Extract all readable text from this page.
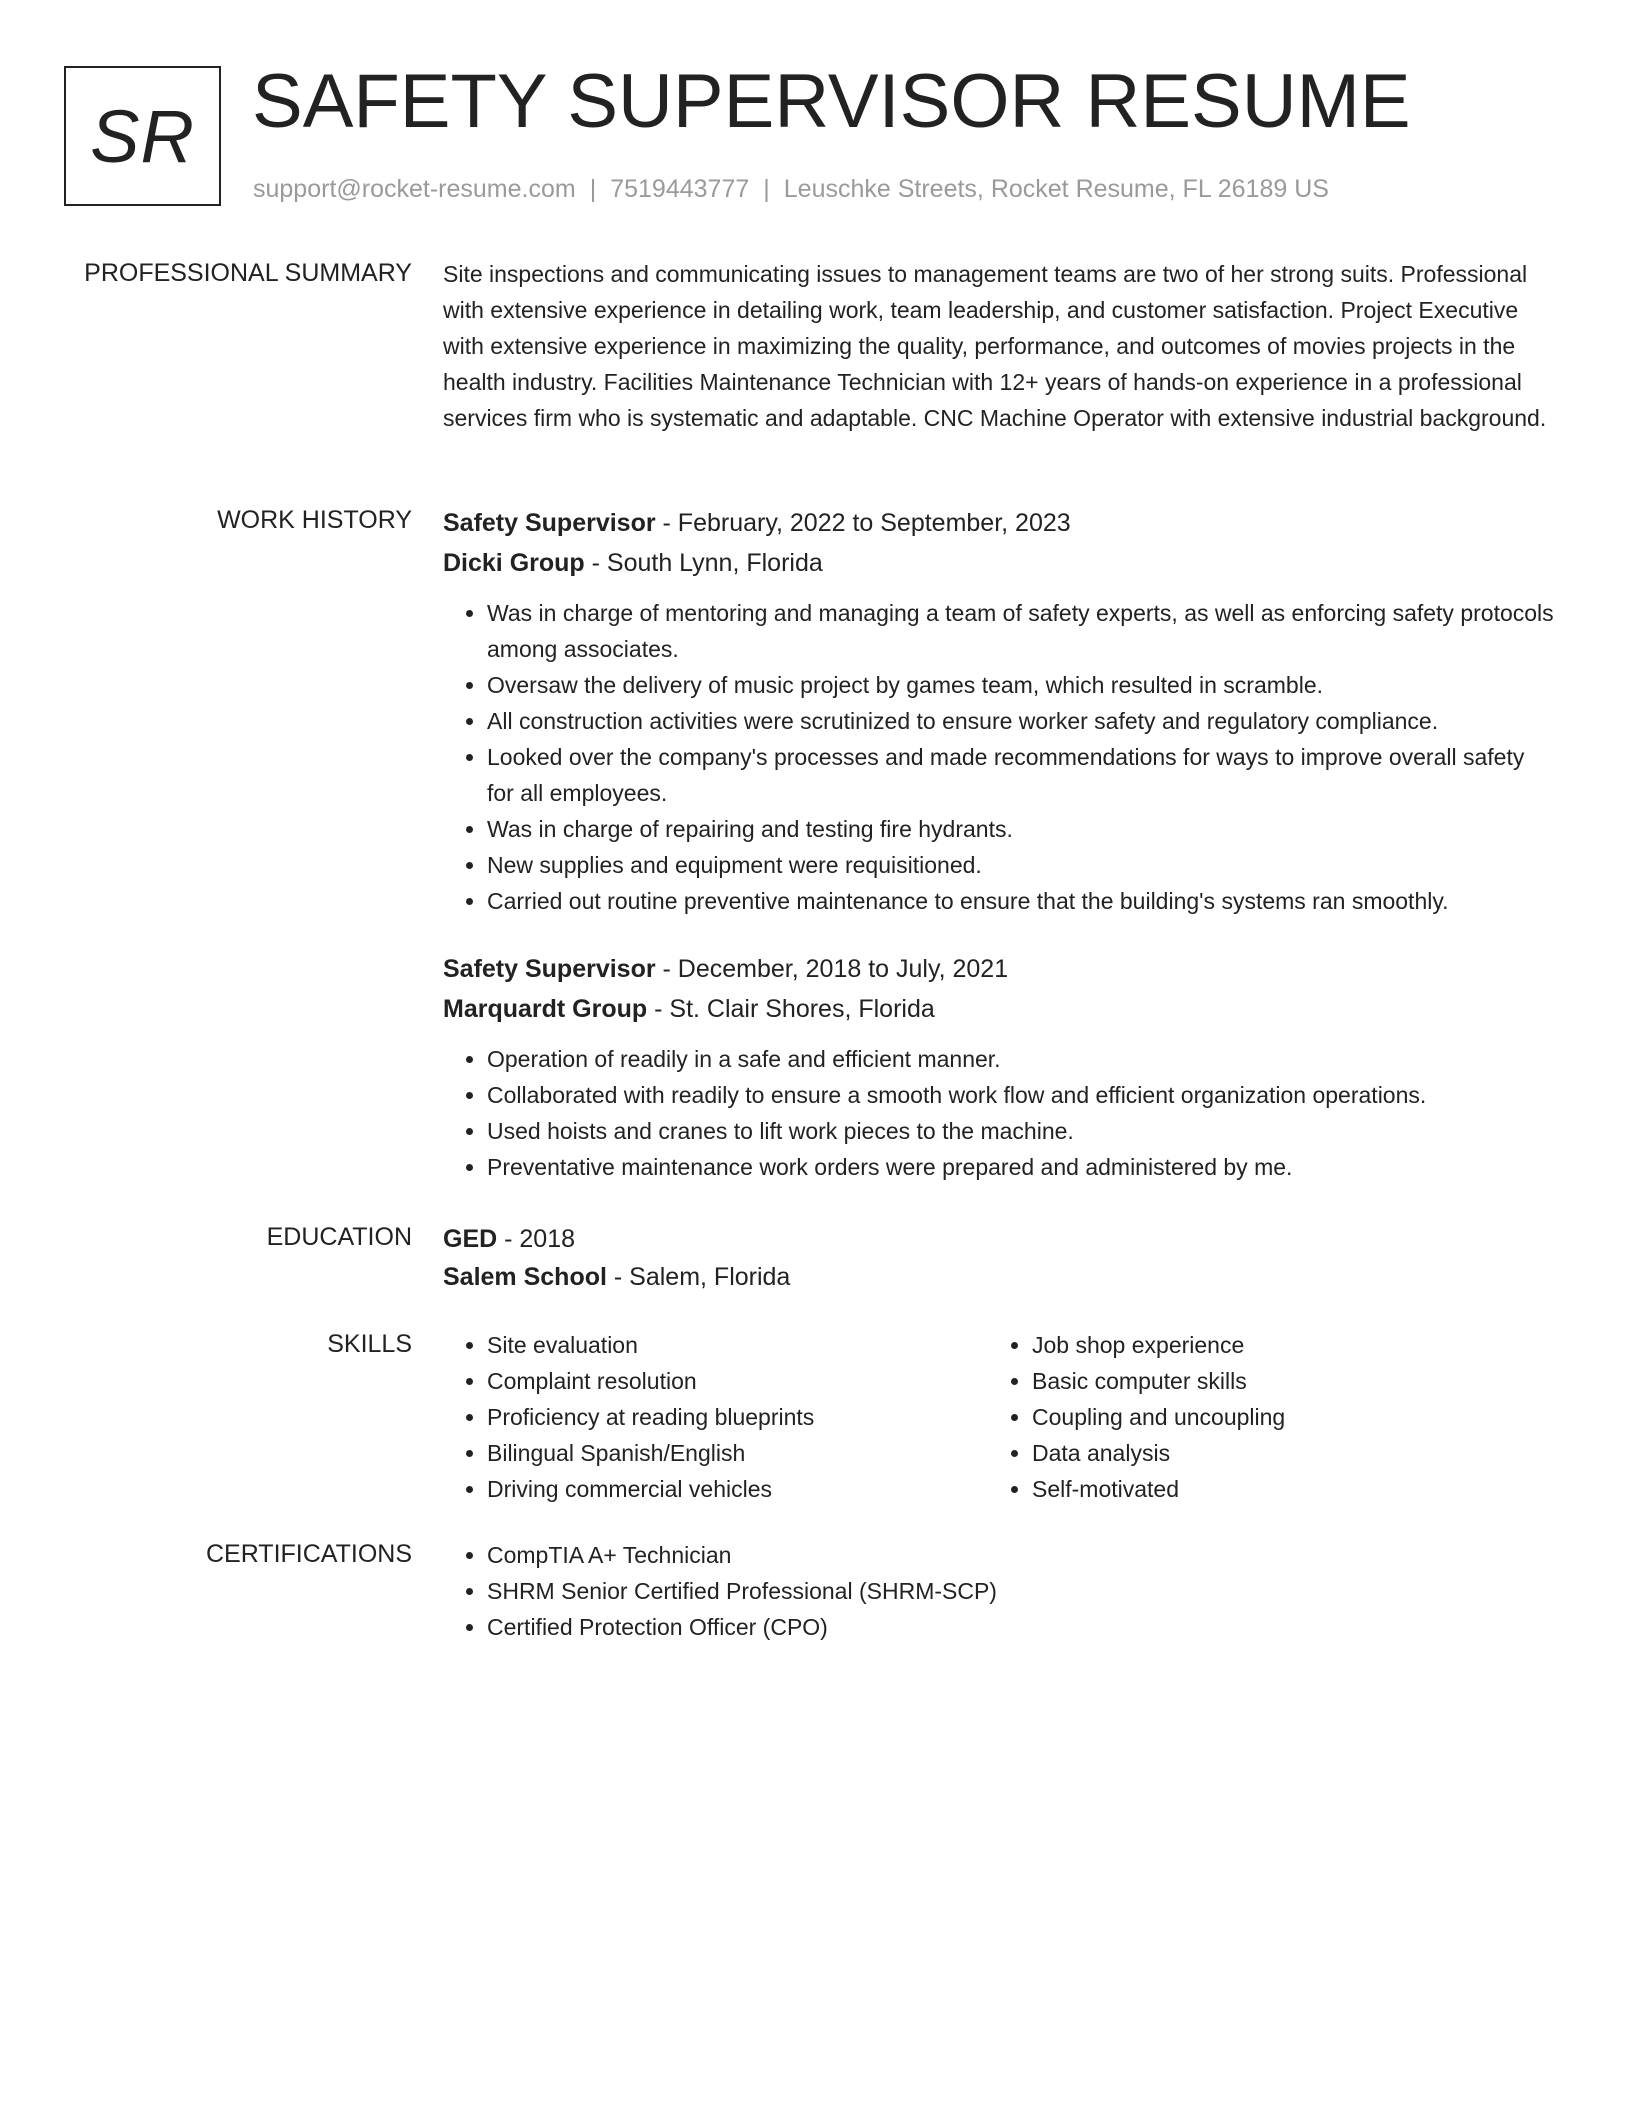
SR SAFETY SUPERVISOR RESUME
support@rocket-resume.com | 7519443777 | Leuschke Streets, Rocket Resume, FL 26189 US
PROFESSIONAL SUMMARY Site inspections and communicating issues to management teams are two of her strong suits. Professional with extensive experience in detailing work, team leadership, and customer satisfaction. Project Executive with extensive experience in maximizing the quality, performance, and outcomes of movies projects in the health industry. Facilities Maintenance Technician with 12+ years of hands-on experience in a professional services firm who is systematic and adaptable. CNC Machine Operator with extensive industrial background.

WORK HISTORY Safety Supervisor - February, 2022 to September, 2023
Dicki Group - South Lynn, Florida
• Was in charge of mentoring and managing a team of safety experts, as well as enforcing safety protocols among associates.
• Oversaw the delivery of music project by games team, which resulted in scramble.
• All construction activities were scrutinized to ensure worker safety and regulatory compliance.
• Looked over the company's processes and made recommendations for ways to improve overall safety for all employees.
• Was in charge of repairing and testing fire hydrants.
• New supplies and equipment were requisitioned.
• Carried out routine preventive maintenance to ensure that the building's systems ran smoothly.
Safety Supervisor - December, 2018 to July, 2021
Marquardt Group - St. Clair Shores, Florida
• Operation of readily in a safe and efficient manner.
• Collaborated with readily to ensure a smooth work flow and efficient organization operations.
• Used hoists and cranes to lift work pieces to the machine.
• Preventative maintenance work orders were prepared and administered by me.
EDUCATION GED - 2018
Salem School - Salem, Florida
SKILLS	• Site evaluation
• Complaint resolution
• Proficiency at reading blueprints
• Bilingual Spanish/English
• Driving commercial vehicles
• Job shop experience
• Basic computer skills
• Coupling and uncoupling
• Data analysis
• Self-motivated
CERTIFICATIONS	• CompTIA A+ Technician
• SHRM Senior Certified Professional (SHRM-SCP)
• Certified Protection Officer (CPO)
